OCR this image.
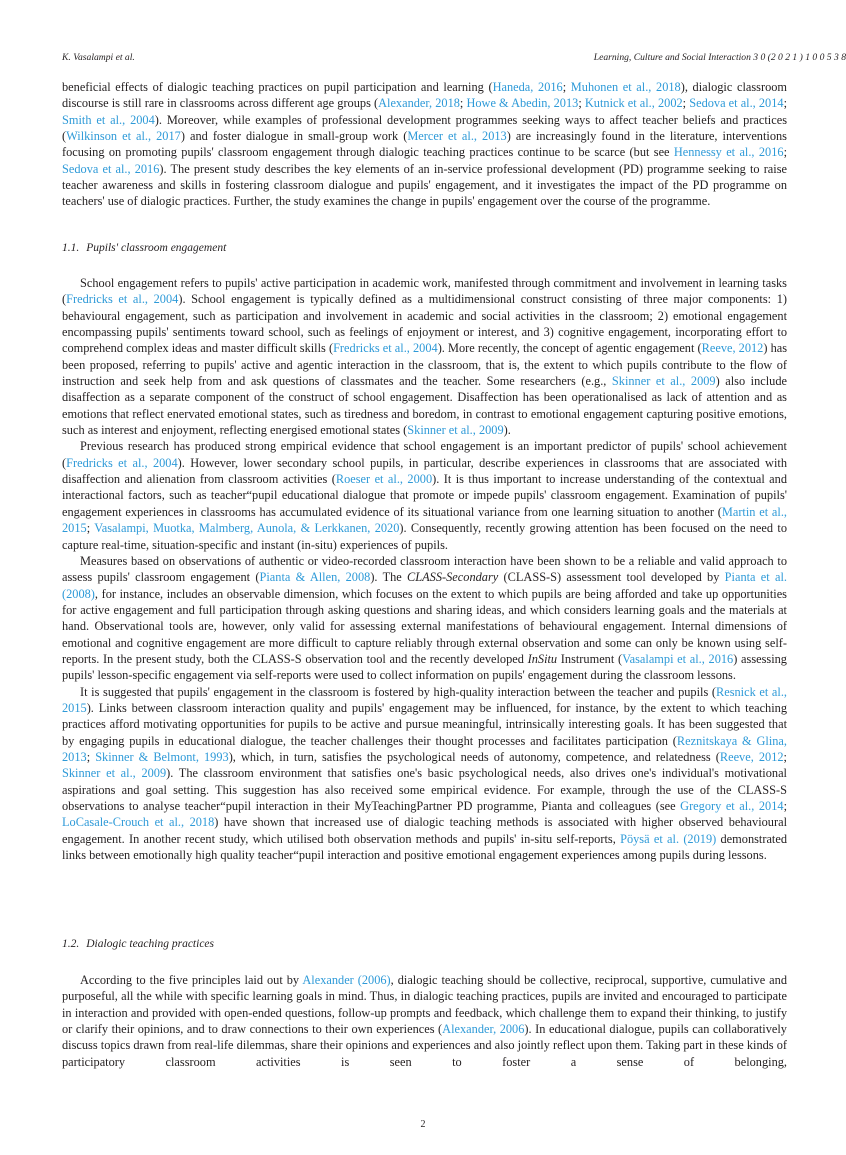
K. Vasalampi et al.	Learning, Culture and Social Interaction 3 0 (2 0 2 1 ) 1 0 0 5 3 8

beneficial effects of dialogic teaching practices on pupil participation and learning (Haneda, 2016; Muhonen et al., 2018), dialogic classroom discourse is still rare in classrooms across different age groups (Alexander, 2018; Howe & Abedin, 2013; Kutnick et al., 2002; Sedova et al., 2014; Smith et al., 2004). Moreover, while examples of professional development programmes seeking ways to affect teacher beliefs and practices (Wilkinson et al., 2017) and foster dialogue in small-group work (Mercer et al., 2013) are increasingly found in the literature, interventions focusing on promoting pupils' classroom engagement through dialogic teaching practices continue to be scarce (but see Hennessy et al., 2016; Sedova et al., 2016). The present study describes the key elements of an in-service professional development (PD) programme seeking to raise teacher awareness and skills in fostering classroom dialogue and pupils' engagement, and it investigates the impact of the PD programme on teachers' use of dialogic practices. Further, the study examines the change in pupils' engagement over the course of the programme.

1.1. Pupils' classroom engagement

School engagement refers to pupils' active participation in academic work, manifested through commitment and involvement in learning tasks (Fredricks et al., 2004). School engagement is typically defined as a multidimensional construct consisting of three major components: 1) behavioural engagement, such as participation and involvement in academic and social activities in the classroom; 2) emotional engagement encompassing pupils' sentiments toward school, such as feelings of enjoyment or interest, and 3) cognitive engagement, incorporating effort to comprehend complex ideas and master difficult skills (Fredricks et al., 2004). More recently, the concept of agentic engagement (Reeve, 2012) has been proposed, referring to pupils' active and agentic interaction in the classroom, that is, the extent to which pupils contribute to the flow of instruction and seek help from and ask questions of classmates and the teacher. Some researchers (e.g., Skinner et al., 2009) also include disaffection as a separate component of the construct of school engagement. Disaffection has been operationalised as lack of attention and as emotions that reflect enervated emotional states, such as tiredness and boredom, in contrast to emotional engagement capturing positive emotions, such as interest and enjoyment, reflecting energised emotional states (Skinner et al., 2009).

Previous research has produced strong empirical evidence that school engagement is an important predictor of pupils' school achievement (Fredricks et al., 2004). However, lower secondary school pupils, in particular, describe experiences in classrooms that are associated with disaffection and alienation from classroom activities (Roeser et al., 2000). It is thus important to increase understanding of the contextual and interactional factors, such as teacher“pupil educational dialogue that promote or impede pupils' classroom engagement. Examination of pupils' engagement experiences in classrooms has accumulated evidence of its situational variance from one learning situation to another (Martin et al., 2015; Vasalampi, Muotka, Malmberg, Aunola, & Lerkkanen, 2020). Consequently, recently growing attention has been focused on the need to capture real-time, situation-specific and instant (in-situ) experiences of pupils.

Measures based on observations of authentic or video-recorded classroom interaction have been shown to be a reliable and valid approach to assess pupils' classroom engagement (Pianta & Allen, 2008). The CLASS-Secondary (CLASS-S) assessment tool developed by Pianta et al. (2008), for instance, includes an observable dimension, which focuses on the extent to which pupils are being afforded and take up opportunities for active engagement and full participation through asking questions and sharing ideas, and which considers learning goals and the materials at hand. Observational tools are, however, only valid for assessing external manifestations of behavioural engagement. Internal dimensions of emotional and cognitive engagement are more difficult to capture reliably through external observation and some can only be known using self-reports. In the present study, both the CLASS-S observation tool and the recently developed InSitu Instrument (Vasalampi et al., 2016) assessing pupils' lesson-specific engagement via self-reports were used to collect information on pupils' engagement during the classroom lessons.

It is suggested that pupils' engagement in the classroom is fostered by high-quality interaction between the teacher and pupils (Resnick et al., 2015). Links between classroom interaction quality and pupils' engagement may be influenced, for instance, by the extent to which teaching practices afford motivating opportunities for pupils to be active and pursue meaningful, intrinsically interesting goals. It has been suggested that by engaging pupils in educational dialogue, the teacher challenges their thought processes and facilitates participation (Reznitskaya & Glina, 2013; Skinner & Belmont, 1993), which, in turn, satisfies the psychological needs of autonomy, competence, and relatedness (Reeve, 2012; Skinner et al., 2009). The classroom environment that satisfies one's basic psychological needs, also drives one's individual's motivational aspirations and goal setting. This suggestion has also received some empirical evidence. For example, through the use of the CLASS-S observations to analyse teacher“pupil interaction in their MyTeachingPartner PD programme, Pianta and colleagues (see Gregory et al., 2014; LoCasale-Crouch et al., 2018) have shown that increased use of dialogic teaching methods is associated with higher observed behavioural engagement. In another recent study, which utilised both observation methods and pupils' in-situ self-reports, Pöysä et al. (2019) demonstrated links between emotionally high quality teacher“pupil interaction and positive emotional engagement experiences among pupils during lessons.

1.2. Dialogic teaching practices

According to the five principles laid out by Alexander (2006), dialogic teaching should be collective, reciprocal, supportive, cumulative and purposeful, all the while with specific learning goals in mind. Thus, in dialogic teaching practices, pupils are invited and encouraged to participate in interaction and provided with open-ended questions, follow-up prompts and feedback, which challenge them to expand their thinking, to justify or clarify their opinions, and to draw connections to their own experiences (Alexander, 2006). In educational dialogue, pupils can collaboratively discuss topics drawn from real-life dilemmas, share their opinions and experiences and also jointly reflect upon them. Taking part in these kinds of participatory classroom activities is seen to foster a sense of belonging,

2
